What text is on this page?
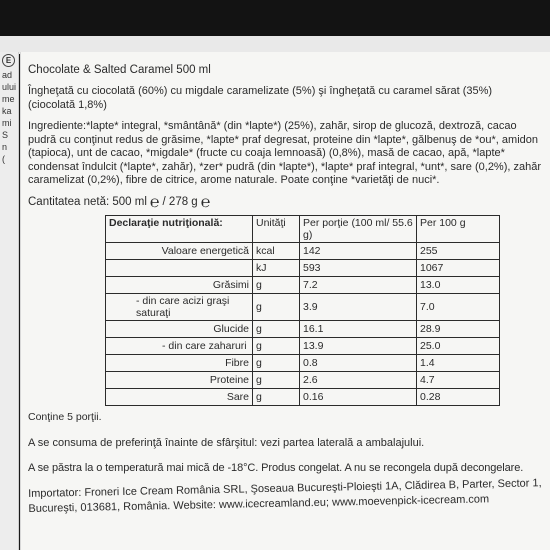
E
ad
ului
me
ka
mi
S
n
(
Chocolate & Salted Caramel 500 ml
Îngheţată cu ciocolată (60%) cu migdale caramelizate (5%) şi îngheţată cu caramel sărat (35%) (ciocolată 1,8%)
Ingrediente:*lapte* integral, *smântână* (din *lapte*) (25%), zahăr, sirop de glucoză, dextroză, cacao pudră cu conţinut redus de grăsime, *lapte* praf degresat, proteine din *lapte*, gălbenuş de *ou*, amidon (tapioca), unt de cacao, *migdale* (fructe cu coaja lemnoasă) (0,8%), masă de cacao, apă, *lapte* condensat îndulcit (*lapte*, zahăr), *zer* pudră (din *lapte*), *lapte* praf integral, *unt*, sare (0,2%), zahăr caramelizat (0,2%), fibre de citrice, arome naturale. Poate conţine *varietăţi de nuci*.
Cantitatea netă: 500 ml ℮ / 278 g ℮
Declaraţie nutriţională:	Unităţi	Per porţie (100 ml/ 55.6 g)	Per 100 g
Valoare energetică	kcal	142	255
	kJ	593	1067
Grăsimi	g	7.2	13.0
- din care acizi graşi saturaţi	g	3.9	7.0
Glucide	g	16.1	28.9
- din care zaharuri	g	13.9	25.0
Fibre	g	0.8	1.4
Proteine	g	2.6	4.7
Sare	g	0.16	0.28
Conţine 5 porţii.
A se consuma de preferinţă înainte de sfârşitul: vezi partea laterală a ambalajului.
A se păstra la o temperatură mai mică de -18°C. Produs congelat. A nu se recongela după decongelare.
Importator: Froneri Ice Cream România SRL, Şoseaua Bucureşti-Ploieşti 1A, Clădirea B, Parter, Sector 1, Bucureşti, 013681, România. Website: www.icecreamland.eu; www.moevenpick-icecream.com
